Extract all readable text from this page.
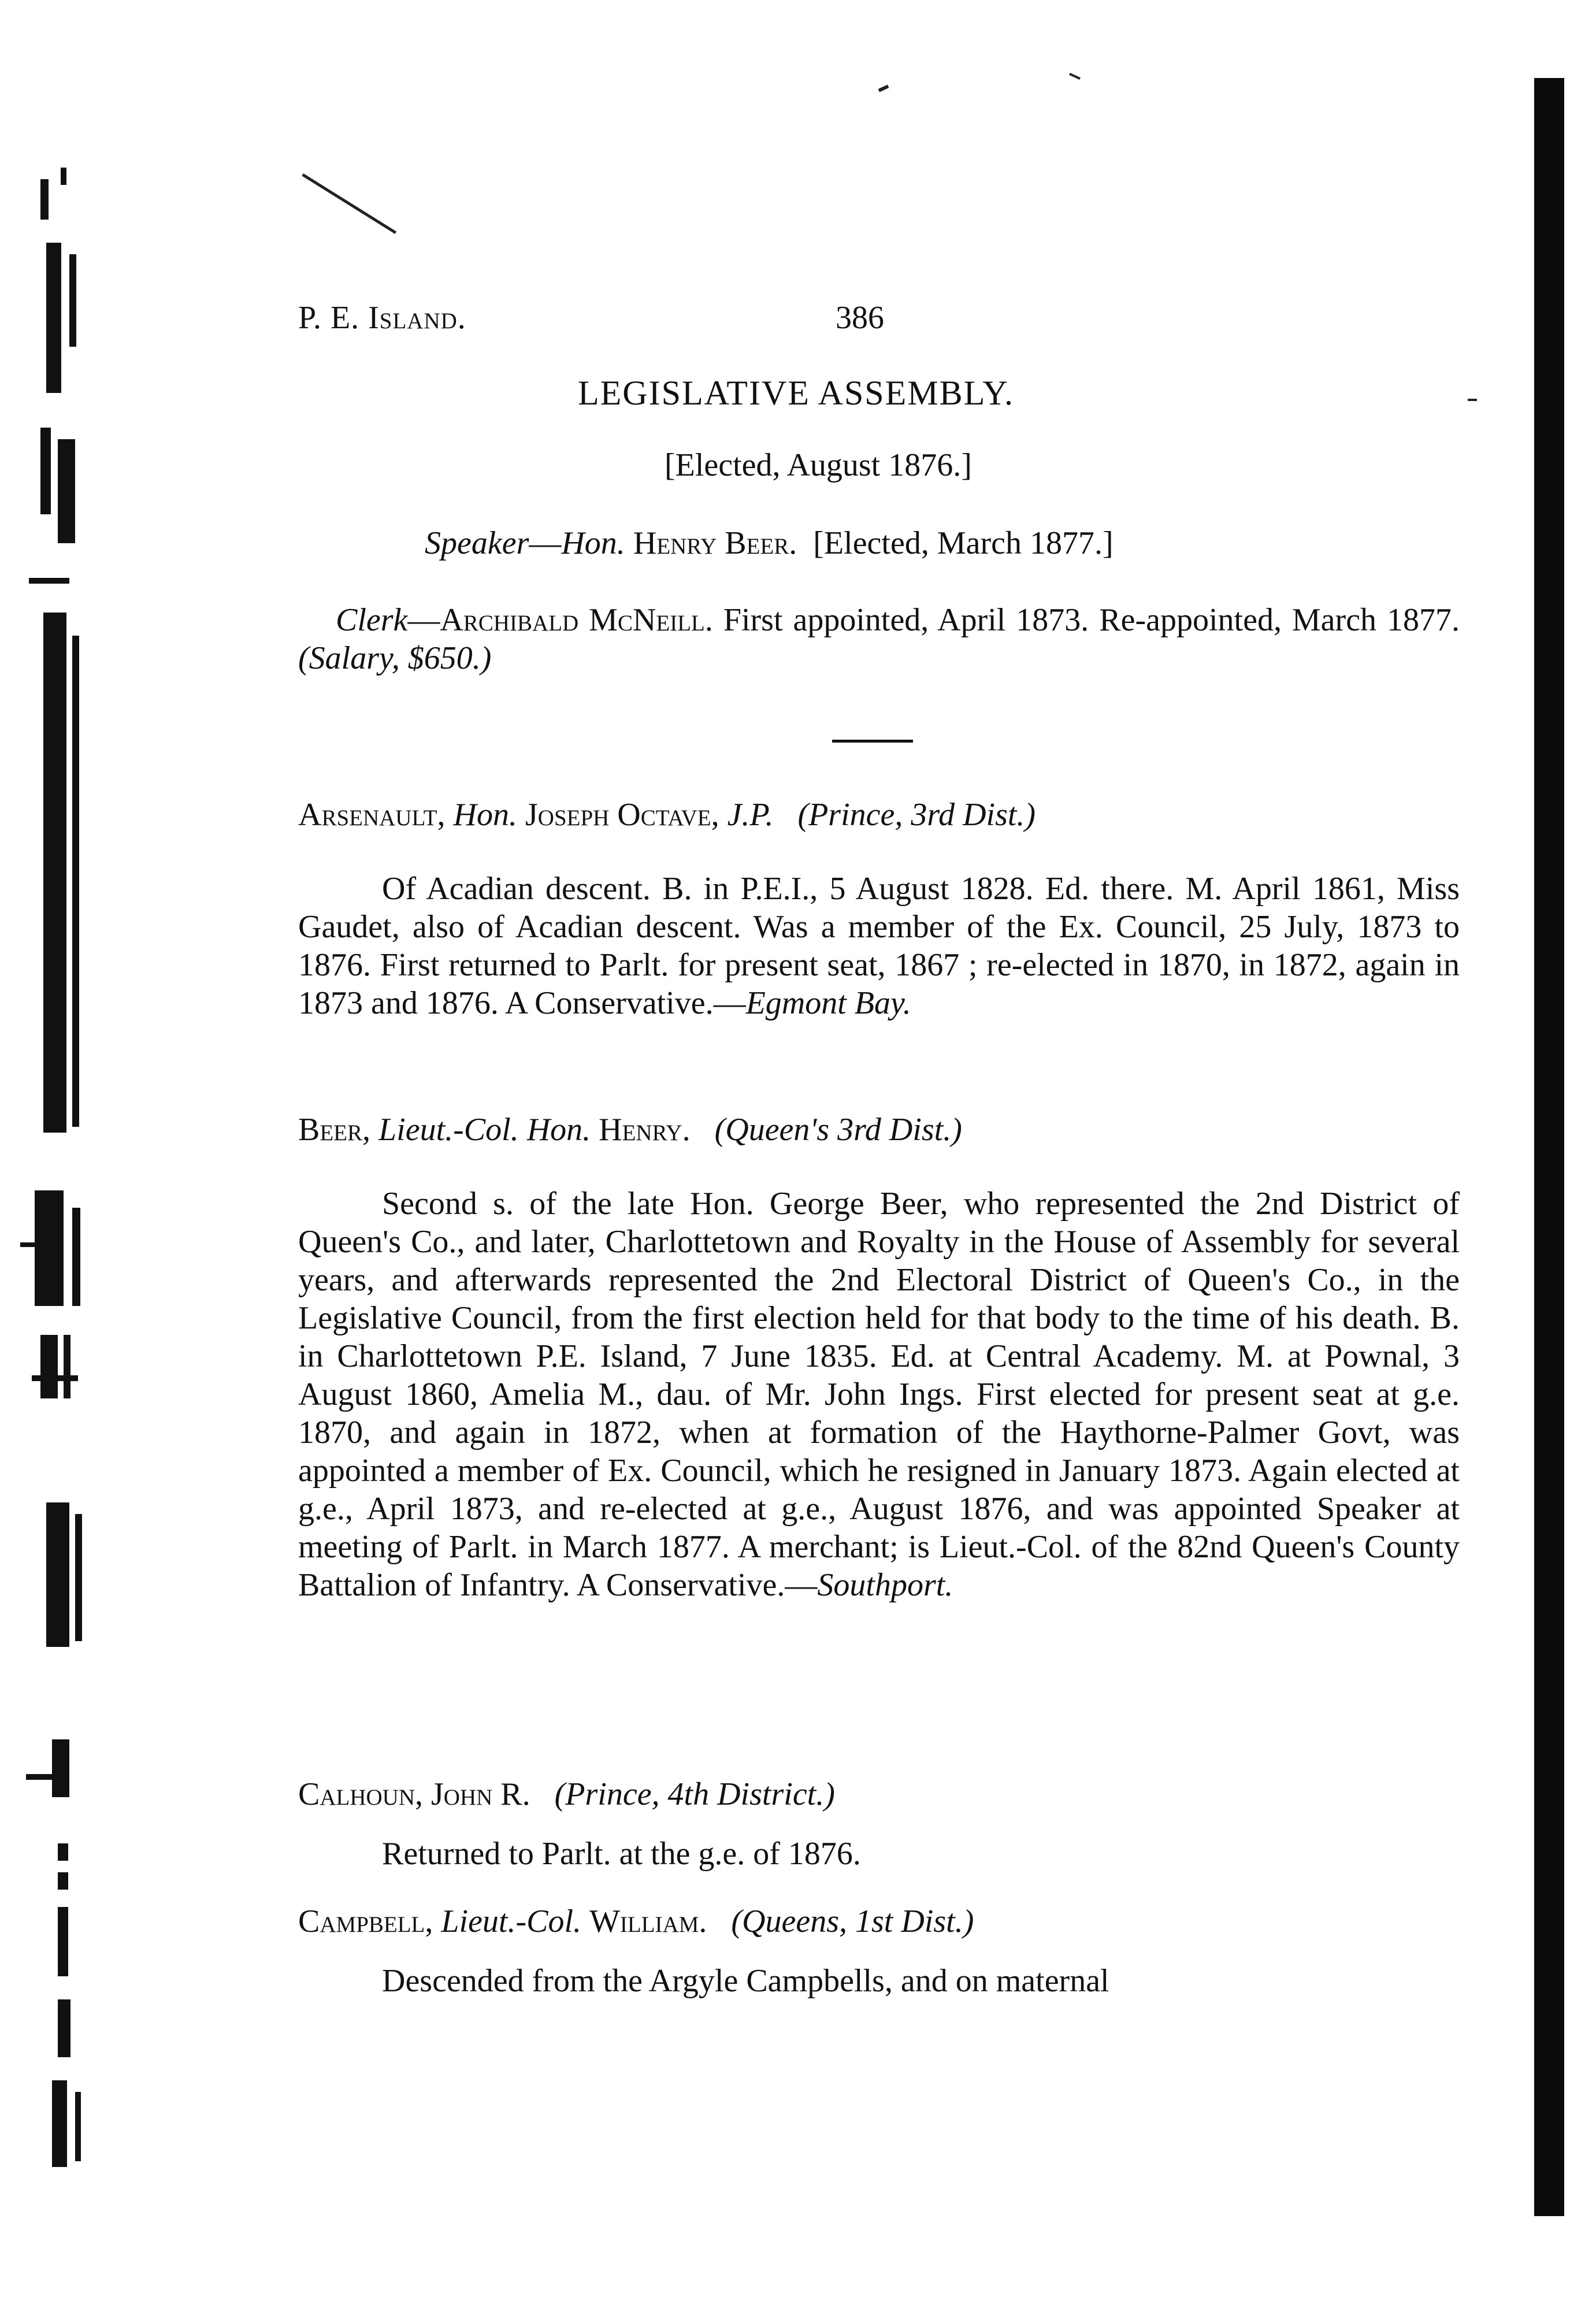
P. E. Island.	386
LEGISLATIVE ASSEMBLY.
[Elected, August 1876.]
Speaker—Hon. Henry Beer. [Elected, March 1877.]
Clerk—Archibald McNeill. First appointed, April 1873. Re-appointed, March 1877. (Salary, $650.)
Arsenault, Hon. Joseph Octave, J.P. (Prince, 3rd Dist.)

Of Acadian descent. B. in P.E.I., 5 August 1828. Ed. there. M. April 1861, Miss Gaudet, also of Acadian descent. Was a member of the Ex. Council, 25 July, 1873 to 1876. First returned to Parlt. for present seat, 1867 ; re-elected in 1870, in 1872, again in 1873 and 1876. A Conservative.—Egmont Bay.

Beer, Lieut.-Col. Hon. Henry. (Queen's 3rd Dist.)

Second s. of the late Hon. George Beer, who represented the 2nd District of Queen's Co., and later, Charlottetown and Royalty in the House of Assembly for several years, and afterwards represented the 2nd Electoral District of Queen's Co., in the Legislative Council, from the first election held for that body to the time of his death. B. in Charlottetown P.E. Island, 7 June 1835. Ed. at Central Academy. M. at Pownal, 3 August 1860, Amelia M., dau. of Mr. John Ings. First elected for present seat at g.e. 1870, and again in 1872, when at formation of the Haythorne-Palmer Govt, was appointed a member of Ex. Council, which he resigned in January 1873. Again elected at g.e., April 1873, and re-elected at g.e., August 1876, and was appointed Speaker at meeting of Parlt. in March 1877. A merchant; is Lieut.-Col. of the 82nd Queen's County Battalion of Infantry. A Conservative.—Southport.

Calhoun, John R. (Prince, 4th District.)

Returned to Parlt. at the g.e. of 1876.

Campbell, Lieut.-Col. William. (Queens, 1st Dist.)

Descended from the Argyle Campbells, and on maternal
